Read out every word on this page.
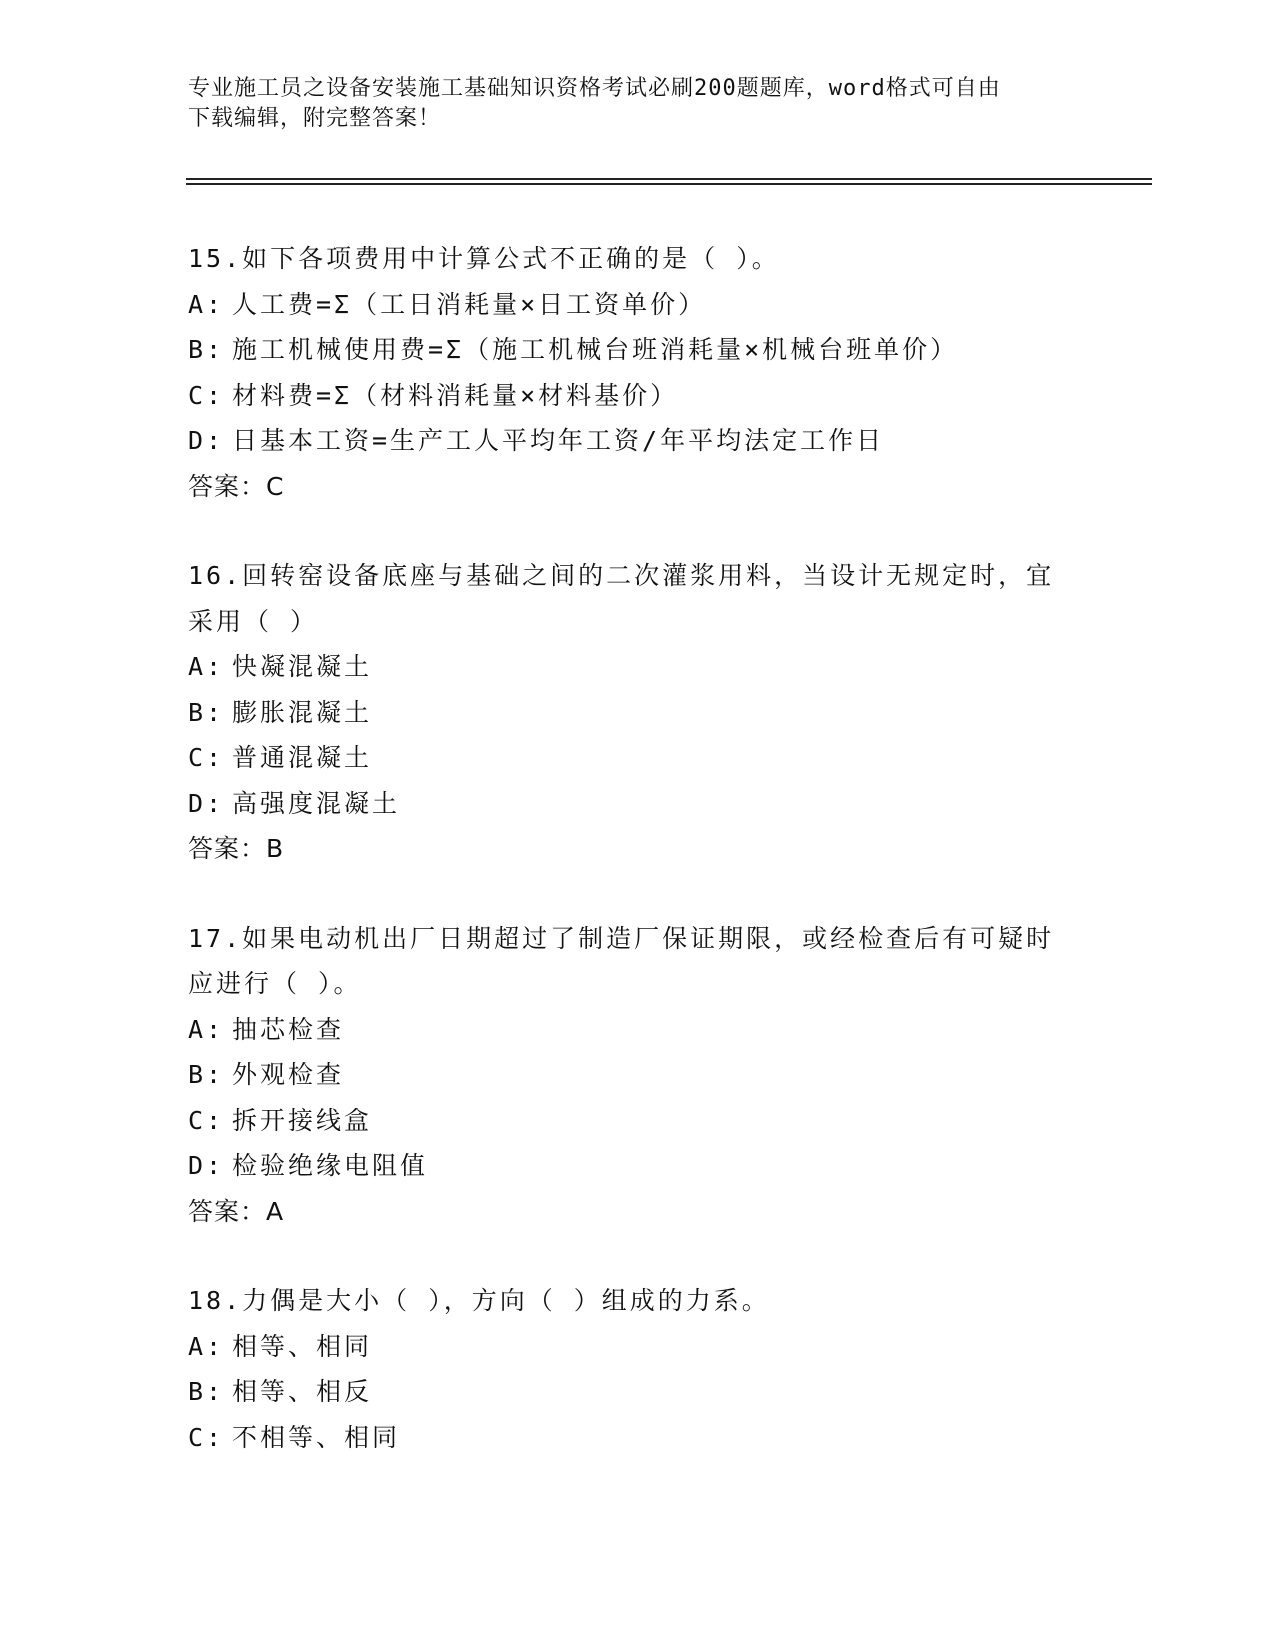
专业施工员之设备安装施工基础知识资格考试必刷200题题库，word格式可自由
下载编辑，附完整答案！

15.如下各项费用中计算公式不正确的是（ ）。

A: 人工费=Σ（工日消耗量×日工资单价）

B: 施工机械使用费=Σ（施工机械台班消耗量×机械台班单价）

C: 材料费=Σ（材料消耗量×材料基价）

D: 日基本工资=生产工人平均年工资/年平均法定工作日

答案：C

16.回转窑设备底座与基础之间的二次灌浆用料，当设计无规定时，宜

采用（ ）

A: 快凝混凝土

B: 膨胀混凝土

C: 普通混凝土

D: 高强度混凝土

答案：B

17.如果电动机出厂日期超过了制造厂保证期限，或经检查后有可疑时

应进行（ ）。

A: 抽芯检查

B: 外观检查

C: 拆开接线盒

D: 检验绝缘电阻值

答案：A

18.力偶是大小（ ），方向（ ）组成的力系。

A: 相等、相同

B: 相等、相反

C: 不相等、相同
